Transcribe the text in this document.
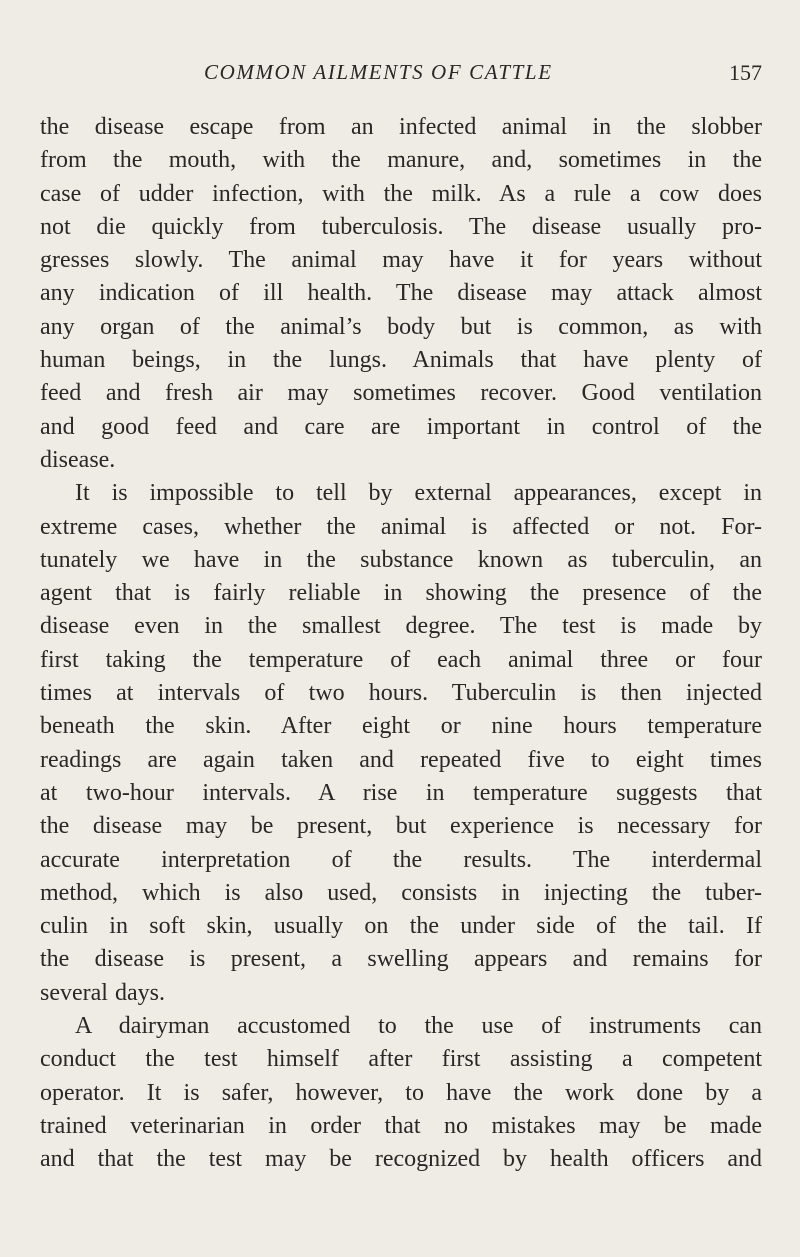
COMMON AILMENTS OF CATTLE	157
the disease escape from an infected animal in the slobber
from the mouth, with the manure, and, sometimes in the
case of udder infection, with the milk. As a rule a cow does
not die quickly from tuberculosis. The disease usually pro-
gresses slowly. The animal may have it for years without
any indication of ill health. The disease may attack almost
any organ of the animal’s body but is common, as with
human beings, in the lungs. Animals that have plenty of
feed and fresh air may sometimes recover. Good ventilation
and good feed and care are important in control of the
disease.
It is impossible to tell by external appearances, except in
extreme cases, whether the animal is affected or not. For-
tunately we have in the substance known as tuberculin, an
agent that is fairly reliable in showing the presence of the
disease even in the smallest degree. The test is made by
first taking the temperature of each animal three or four
times at intervals of two hours. Tuberculin is then injected
beneath the skin. After eight or nine hours temperature
readings are again taken and repeated five to eight times
at two-hour intervals. A rise in temperature suggests that
the disease may be present, but experience is necessary for
accurate interpretation of the results. The interdermal
method, which is also used, consists in injecting the tuber-
culin in soft skin, usually on the under side of the tail. If
the disease is present, a swelling appears and remains for
several days.
A dairyman accustomed to the use of instruments can
conduct the test himself after first assisting a competent
operator. It is safer, however, to have the work done by a
trained veterinarian in order that no mistakes may be made
and that the test may be recognized by health officers and
